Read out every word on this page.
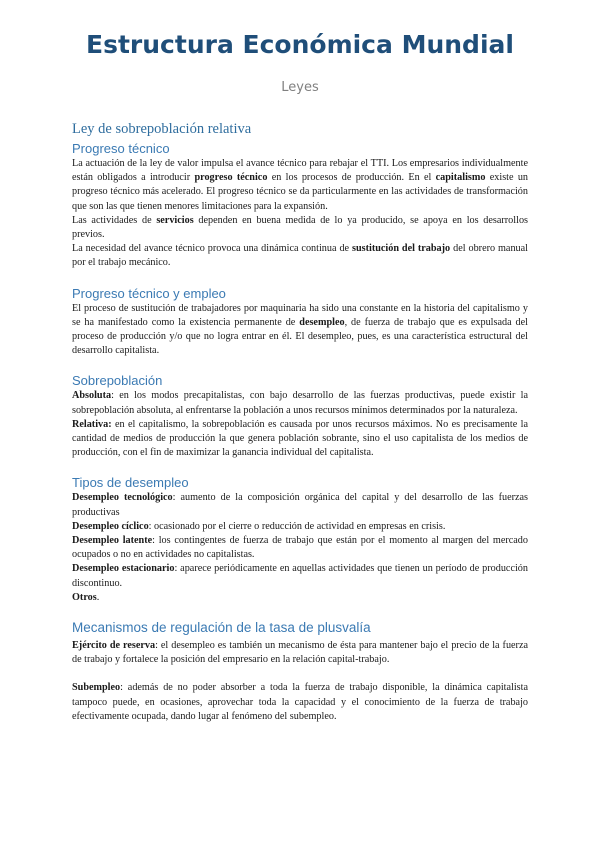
Estructura Económica Mundial
Leyes
Ley de sobrepoblación relativa
Progreso técnico

La actuación de la ley de valor impulsa el avance técnico para rebajar el TTI. Los empresarios individualmente están obligados a introducir progreso técnico en los procesos de producción. En el capitalismo existe un progreso técnico más acelerado. El progreso técnico se da particularmente en las actividades de transformación que son las que tienen menores limitaciones para la expansión.

Las actividades de servicios dependen en buena medida de lo ya producido, se apoya en los desarrollos previos.

La necesidad del avance técnico provoca una dinámica continua de sustitución del trabajo del obrero manual por el trabajo mecánico.

Progreso técnico y empleo

El proceso de sustitución de trabajadores por maquinaria ha sido una constante en la historia del capitalismo y se ha manifestado como la existencia permanente de desempleo, de fuerza de trabajo que es expulsada del proceso de producción y/o que no logra entrar en él. El desempleo, pues, es una característica estructural del desarrollo capitalista.

Sobrepoblación

Absoluta: en los modos precapitalistas, con bajo desarrollo de las fuerzas productivas, puede existir la sobrepoblación absoluta, al enfrentarse la población a unos recursos mínimos determinados por la naturaleza.

Relativa: en el capitalismo, la sobrepoblación es causada por unos recursos máximos. No es precisamente la cantidad de medios de producción la que genera población sobrante, sino el uso capitalista de los medios de producción, con el fin de maximizar la ganancia individual del capitalista.

Tipos de desempleo

Desempleo tecnológico: aumento de la composición orgánica del capital y del desarrollo de las fuerzas productivas

Desempleo cíclico: ocasionado por el cierre o reducción de actividad en empresas en crisis.

Desempleo latente: los contingentes de fuerza de trabajo que están por el momento al margen del mercado ocupados o no en actividades no capitalistas.

Desempleo estacionario: aparece periódicamente en aquellas actividades que tienen un período de producción discontinuo.

Otros.

Mecanismos de regulación de la tasa de plusvalía

Ejército de reserva: el desempleo es también un mecanismo de ésta para mantener bajo el precio de la fuerza de trabajo y fortalece la posición del empresario en la relación capital-trabajo.

Subempleo: además de no poder absorber a toda la fuerza de trabajo disponible, la dinámica capitalista tampoco puede, en ocasiones, aprovechar toda la capacidad y el conocimiento de la fuerza de trabajo efectivamente ocupada, dando lugar al fenómeno del subempleo.
